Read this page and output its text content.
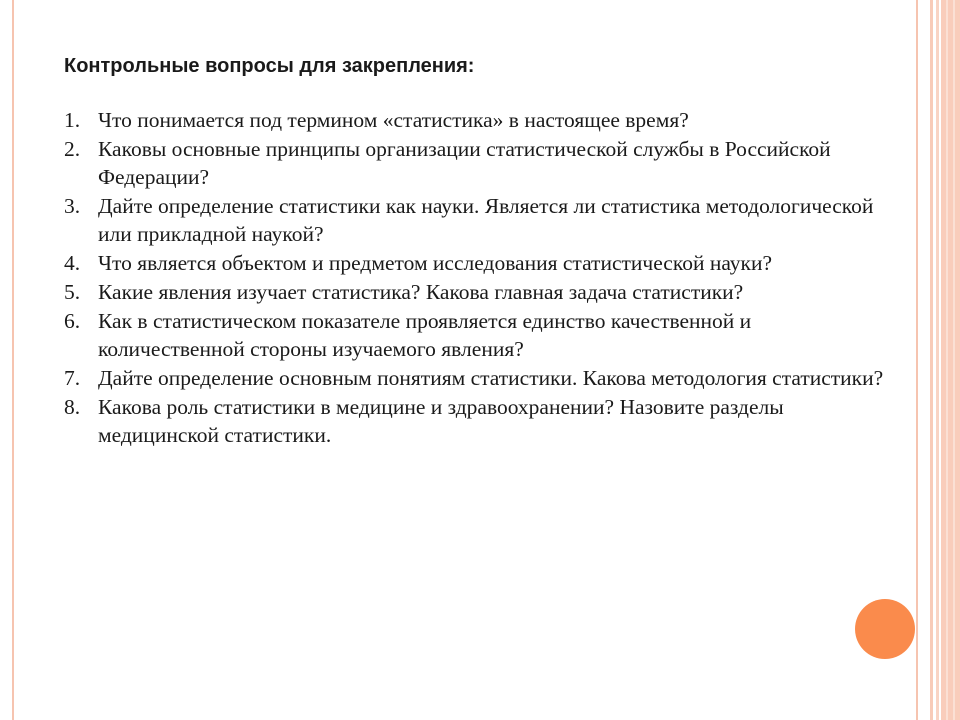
Контрольные вопросы для закрепления:
1. Что понимается под термином «статистика» в настоящее время?
2. Каковы основные принципы организации статистической службы в Российской Федерации?
3. Дайте определение статистики как науки. Является ли статистика методологической или прикладной наукой?
4. Что является объектом и предметом исследования статистической науки?
5. Какие явления изучает статистика? Какова главная задача статистики?
6. Как в статистическом показателе проявляется единство качественной и количественной стороны изучаемого явления?
7. Дайте определение основным понятиям статистики. Какова методология статистики?
8. Какова роль статистики в медицине и здравоохранении? Назовите разделы медицинской статистики.
